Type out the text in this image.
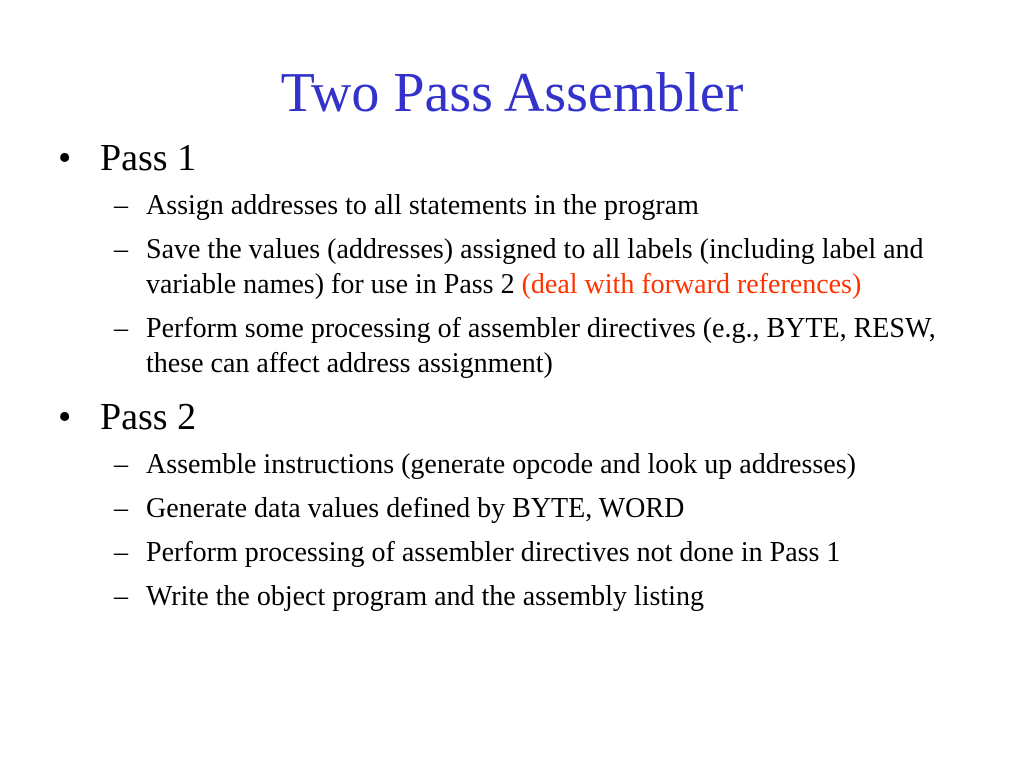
Two Pass Assembler

• Pass 1

– Assign addresses to all statements in the program
– Save the values (addresses) assigned to all labels (including label and variable names) for use in Pass 2 (deal with forward references)
– Perform some processing of assembler directives (e.g., BYTE, RESW, these can affect address assignment)

• Pass 2

– Assemble instructions (generate opcode and look up addresses)
– Generate data values defined by BYTE, WORD
– Perform processing of assembler directives not done in Pass 1
– Write the object program and the assembly listing
